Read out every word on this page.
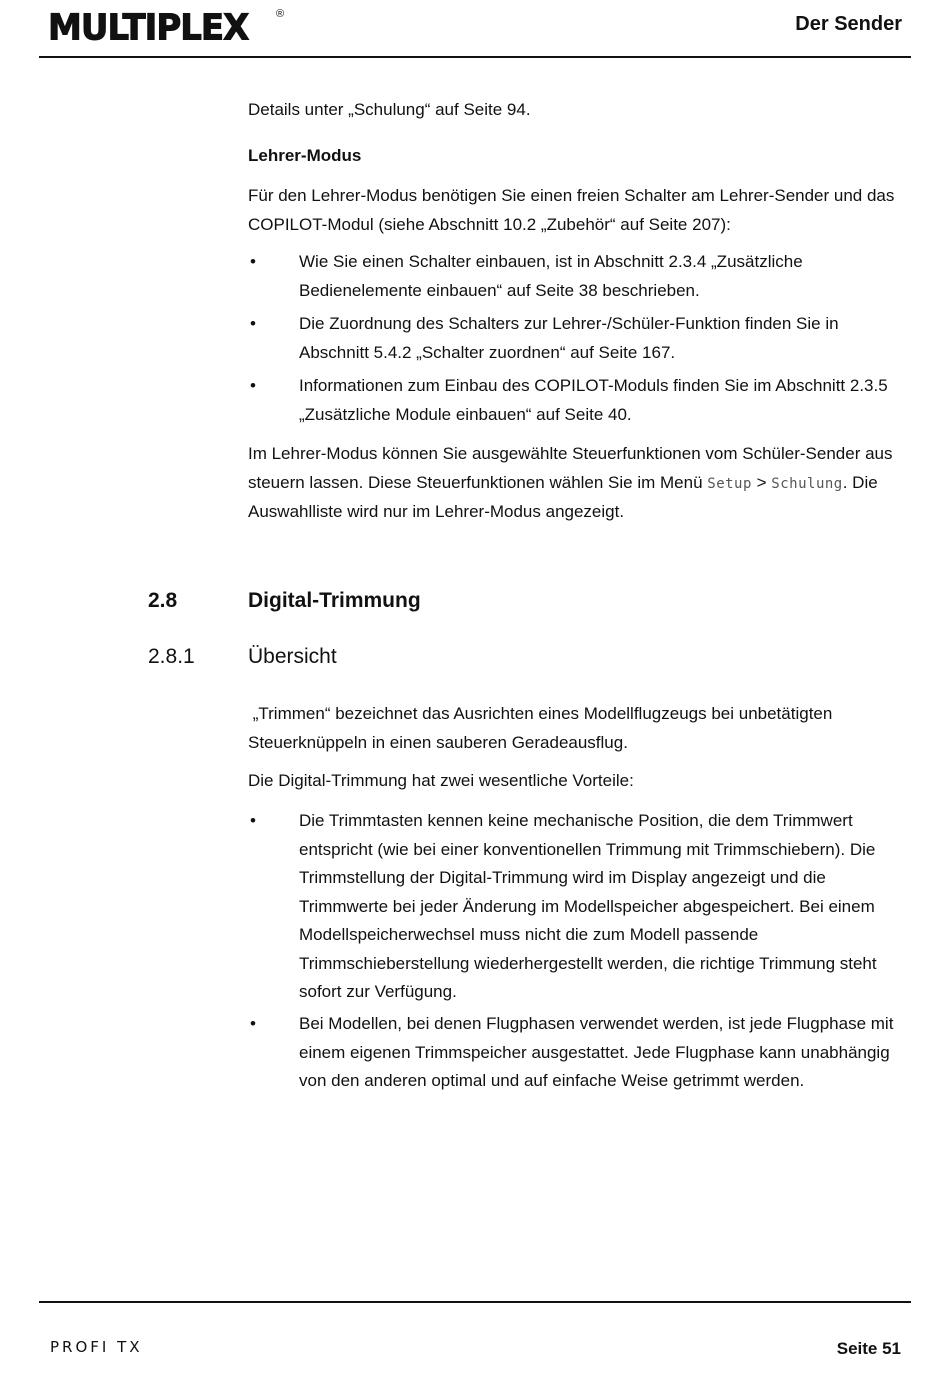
MULTIPLEX	®	Der Sender

Details unter „Schulung“ auf Seite 94.

Lehrer-Modus

Für den Lehrer-Modus benötigen Sie einen freien Schalter am Lehrer-Sender und das COPILOT-Modul (siehe Abschnitt 10.2 „Zubehör“ auf Seite 207):

•	Wie Sie einen Schalter einbauen, ist in Abschnitt 2.3.4 „Zusätzliche Bedienelemente einbauen“ auf Seite 38 beschrieben.
•	Die Zuordnung des Schalters zur Lehrer-/Schüler-Funktion finden Sie in Abschnitt 5.4.2 „Schalter zuordnen“ auf Seite 167.
•	Informationen zum Einbau des COPILOT-Moduls finden Sie im Abschnitt 2.3.5 „Zusätzliche Module einbauen“ auf Seite 40.

Im Lehrer-Modus können Sie ausgewählte Steuerfunktionen vom Schüler-Sender aus steuern lassen. Diese Steuerfunktionen wählen Sie im Menü Setup > Schulung. Die Auswahlliste wird nur im Lehrer-Modus angezeigt.

2.8	Digital-Trimmung
2.8.1	Übersicht

„Trimmen“ bezeichnet das Ausrichten eines Modellflugzeugs bei unbetätigten Steuerknüppeln in einen sauberen Geradeausflug.

Die Digital-Trimmung hat zwei wesentliche Vorteile:

•	Die Trimmtasten kennen keine mechanische Position, die dem Trimmwert entspricht (wie bei einer konventionellen Trimmung mit Trimmschiebern). Die Trimmstellung der Digital-Trimmung wird im Display angezeigt und die Trimmwerte bei jeder Änderung im Modellspeicher abgespeichert. Bei einem Modellspeicherwechsel muss nicht die zum Modell passende Trimmschieberstellung wiederhergestellt werden, die richtige Trimmung steht sofort zur Verfügung.
•	Bei Modellen, bei denen Flugphasen verwendet werden, ist jede Flugphase mit einem eigenen Trimmspeicher ausgestattet. Jede Flugphase kann unabhängig von den anderen optimal und auf einfache Weise getrimmt werden.
PROFI TX	Seite 51
